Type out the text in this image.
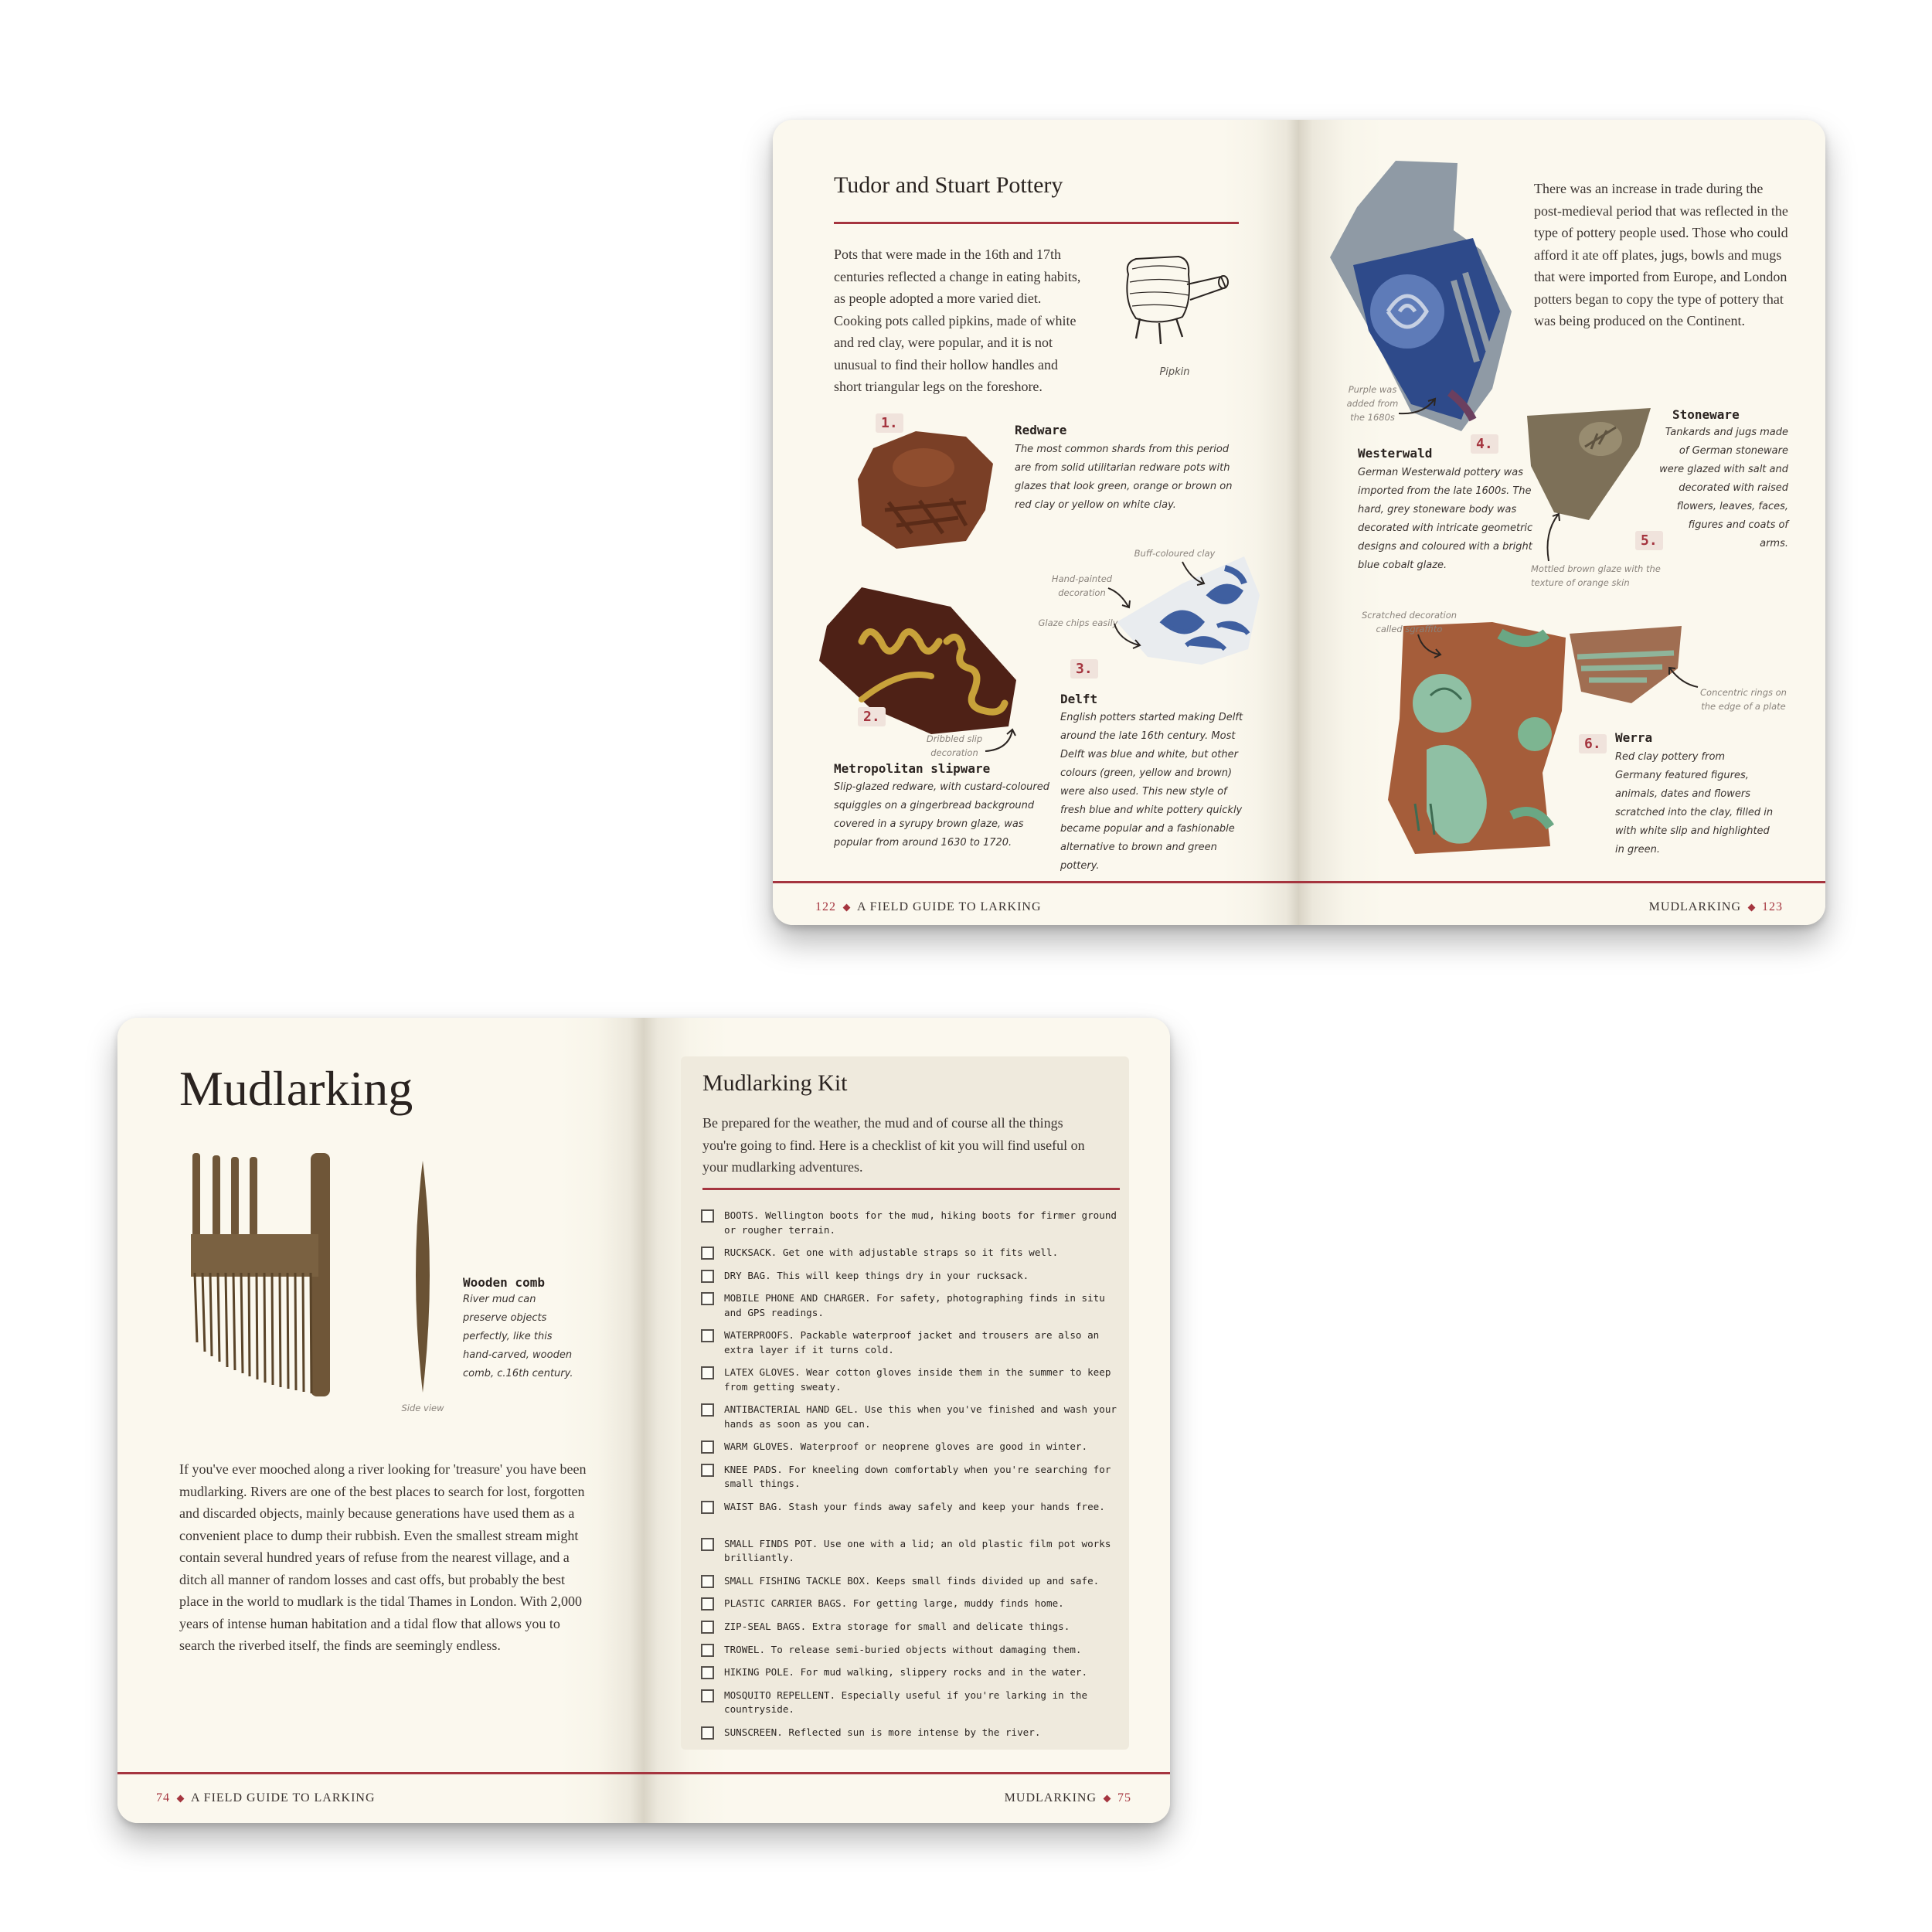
Tudor and Stuart Pottery

Pots that were made in the 16th and 17th centuries reflected a change in eating habits, as people adopted a more varied diet. Cooking pots called pipkins, made of white and red clay, were popular, and it is not unusual to find their hollow handles and short triangular legs on the foreshore.

Pipkin
1.	Redware
The most common shards from this period are from solid utilitarian redware pots with glazes that look green, orange or brown on red clay or yellow on white clay.
2.
Dribbled slip decoration
Metropolitan slipware
Slip-glazed redware, with custard-coloured squiggles on a gingerbread background covered in a syrupy brown glaze, was popular from around 1630 to 1720.
Buff-coloured clay
Hand-painted decoration
Glaze chips easily
3.
Delft
English potters started making Delft around the late 16th century. Most Delft was blue and white, but other colours (green, yellow and brown) were also used. This new style of fresh blue and white pottery quickly became popular and a fashionable alternative to brown and green pottery.
122 A FIELD GUIDE TO LARKING

There was an increase in trade during the post-medieval period that was reflected in the type of pottery people used. Those who could afford it ate off plates, jugs, bowls and mugs that were imported from Europe, and London potters began to copy the type of pottery that was being produced on the Continent.

Purple was added from the 1680s
4.
Westerwald
German Westerwald pottery was imported from the late 1600s. The hard, grey stoneware body was decorated with intricate geometric designs and coloured with a bright blue cobalt glaze.
Stoneware
Tankards and jugs made of German stoneware were glazed with salt and decorated with raised flowers, leaves, faces, figures and coats of arms.
5.
Mottled brown glaze with the texture of orange skin
Scratched decoration called sgraffito
Concentric rings on the edge of a plate
6.	Werra
Red clay pottery from Germany featured figures, animals, dates and flowers scratched into the clay, filled in with white slip and highlighted in green.
MUDLARKING 123
Mudlarking
Side view
Wooden comb
River mud can preserve objects perfectly, like this hand-carved, wooden comb, c.16th century.

If you've ever mooched along a river looking for 'treasure' you have been mudlarking. Rivers are one of the best places to search for lost, forgotten and discarded objects, mainly because generations have used them as a convenient place to dump their rubbish. Even the smallest stream might contain several hundred years of refuse from the nearest village, and a ditch all manner of random losses and cast offs, but probably the best place in the world to mudlark is the tidal Thames in London. With 2,000 years of intense human habitation and a tidal flow that allows you to search the riverbed itself, the finds are seemingly endless.

74 A FIELD GUIDE TO LARKING
Mudlarking Kit

Be prepared for the weather, the mud and of course all the things you're going to find. Here is a checklist of kit you will find useful on your mudlarking adventures.

BOOTS. Wellington boots for the mud, hiking boots for firmer ground or rougher terrain.
RUCKSACK. Get one with adjustable straps so it fits well.
DRY BAG. This will keep things dry in your rucksack.
MOBILE PHONE AND CHARGER. For safety, photographing finds in situ and GPS readings.
WATERPROOFS. Packable waterproof jacket and trousers are also an extra layer if it turns cold.
LATEX GLOVES. Wear cotton gloves inside them in the summer to keep from getting sweaty.
ANTIBACTERIAL HAND GEL. Use this when you've finished and wash your hands as soon as you can.
WARM GLOVES. Waterproof or neoprene gloves are good in winter.
KNEE PADS. For kneeling down comfortably when you're searching for small things.
WAIST BAG. Stash your finds away safely and keep your hands free.
SMALL FINDS POT. Use one with a lid; an old plastic film pot works brilliantly.
SMALL FISHING TACKLE BOX. Keeps small finds divided up and safe.
PLASTIC CARRIER BAGS. For getting large, muddy finds home.
ZIP-SEAL BAGS. Extra storage for small and delicate things.
TROWEL. To release semi-buried objects without damaging them.
HIKING POLE. For mud walking, slippery rocks and in the water.
MOSQUITO REPELLENT. Especially useful if you're larking in the countryside.
SUNSCREEN. Reflected sun is more intense by the river.
MUDLARKING 75
